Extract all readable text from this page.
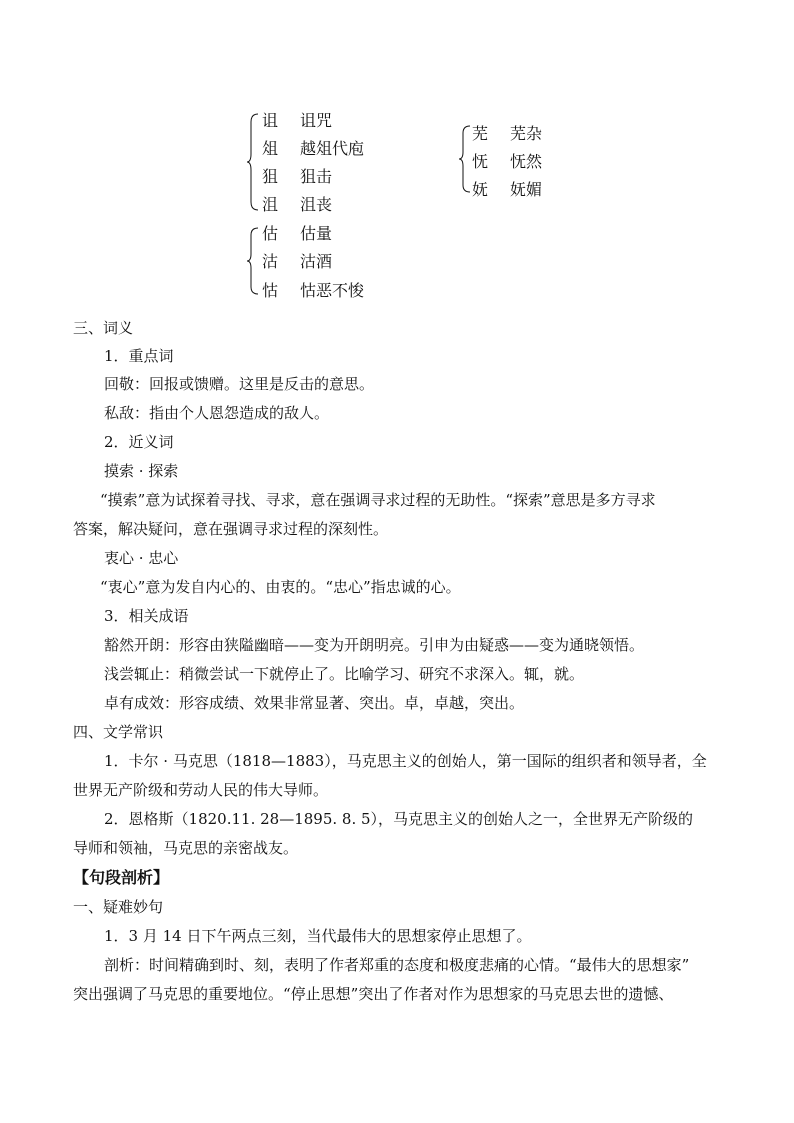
诅 诅咒
俎 越俎代庖
狙 狙击
沮 沮丧
芜 芜杂
怃 怃然
妩 妩媚
估 估量
沽 沽酒
怙 怙恶不悛
三、词义
1．重点词
回敬：回报或馈赠。这里是反击的意思。
私敌：指由个人恩怨造成的敌人。
2．近义词
摸索 · 探索
“摸索”意为试探着寻找、寻求，意在强调寻求过程的无助性。“探索”意思是多方寻求
答案，解决疑问，意在强调寻求过程的深刻性。
衷心 · 忠心
“衷心”意为发自内心的、由衷的。“忠心”指忠诚的心。
3．相关成语
豁然开朗：形容由狭隘幽暗——变为开朗明亮。引申为由疑惑——变为通晓领悟。
浅尝辄止：稍微尝试一下就停止了。比喻学习、研究不求深入。辄，就。
卓有成效：形容成绩、效果非常显著、突出。卓，卓越，突出。
四、文学常识
1．卡尔 · 马克思（1818—1883），马克思主义的创始人，第一国际的组织者和领导者，全
世界无产阶级和劳动人民的伟大导师。
2．恩格斯（1820.11. 28—1895. 8. 5），马克思主义的创始人之一，全世界无产阶级的
导师和领袖，马克思的亲密战友。
【句段剖析】
一、疑难妙句
1．3 月 14 日下午两点三刻，当代最伟大的思想家停止思想了。
剖析：时间精确到时、刻，表明了作者郑重的态度和极度悲痛的心情。“最伟大的思想家”
突出强调了马克思的重要地位。“停止思想”突出了作者对作为思想家的马克思去世的遗憾、
